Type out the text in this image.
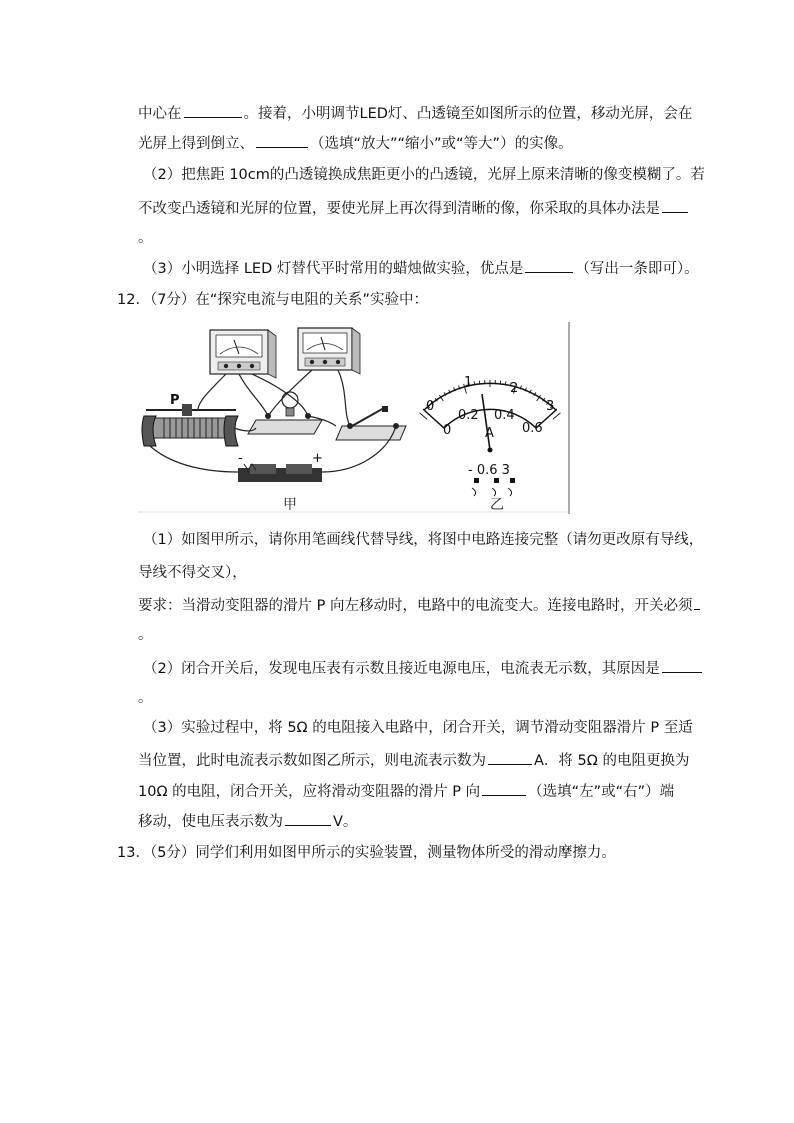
中心在	。接着，小明调节LED灯、凸透镜至如图所示的位置，移动光屏，会在
光屏上得到倒立、	（选填“放大”“缩小”或“等大”）的实像。
（2）把焦距 10cm的凸透镜换成焦距更小的凸透镜，光屏上原来清晰的像变模糊了。若
不改变凸透镜和光屏的位置，要使光屏上再次得到清晰的像，你采取的具体办法是
。
（3）小明选择 LED 灯替代平时常用的蜡烛做实验，优点是	（写出一条即可）。
12．（7分）在“探究电流与电阻的关系”实验中：
P
-	+
0
1	2
3
0
0.2 0.4
0.6
A
- 0.6 3
甲	乙
（1）如图甲所示，请你用笔画线代替导线，将图中电路连接完整（请勿更改原有导线，
导线不得交叉），
要求：当滑动变阻器的滑片 P 向左移动时，电路中的电流变大。连接电路时，开关必须
。
（2）闭合开关后，发现电压表有示数且接近电源电压，电流表无示数，其原因是
。
（3）实验过程中，将 5Ω 的电阻接入电路中，闭合开关，调节滑动变阻器滑片 P 至适
当位置，此时电流表示数如图乙所示，则电流表示数为	A．将 5Ω 的电阻更换为
10Ω 的电阻，闭合开关，应将滑动变阻器的滑片 P 向	（选填“左”或“右”）端
移动，使电压表示数为	V。
13．（5分）同学们利用如图甲所示的实验装置，测量物体所受的滑动摩擦力。
